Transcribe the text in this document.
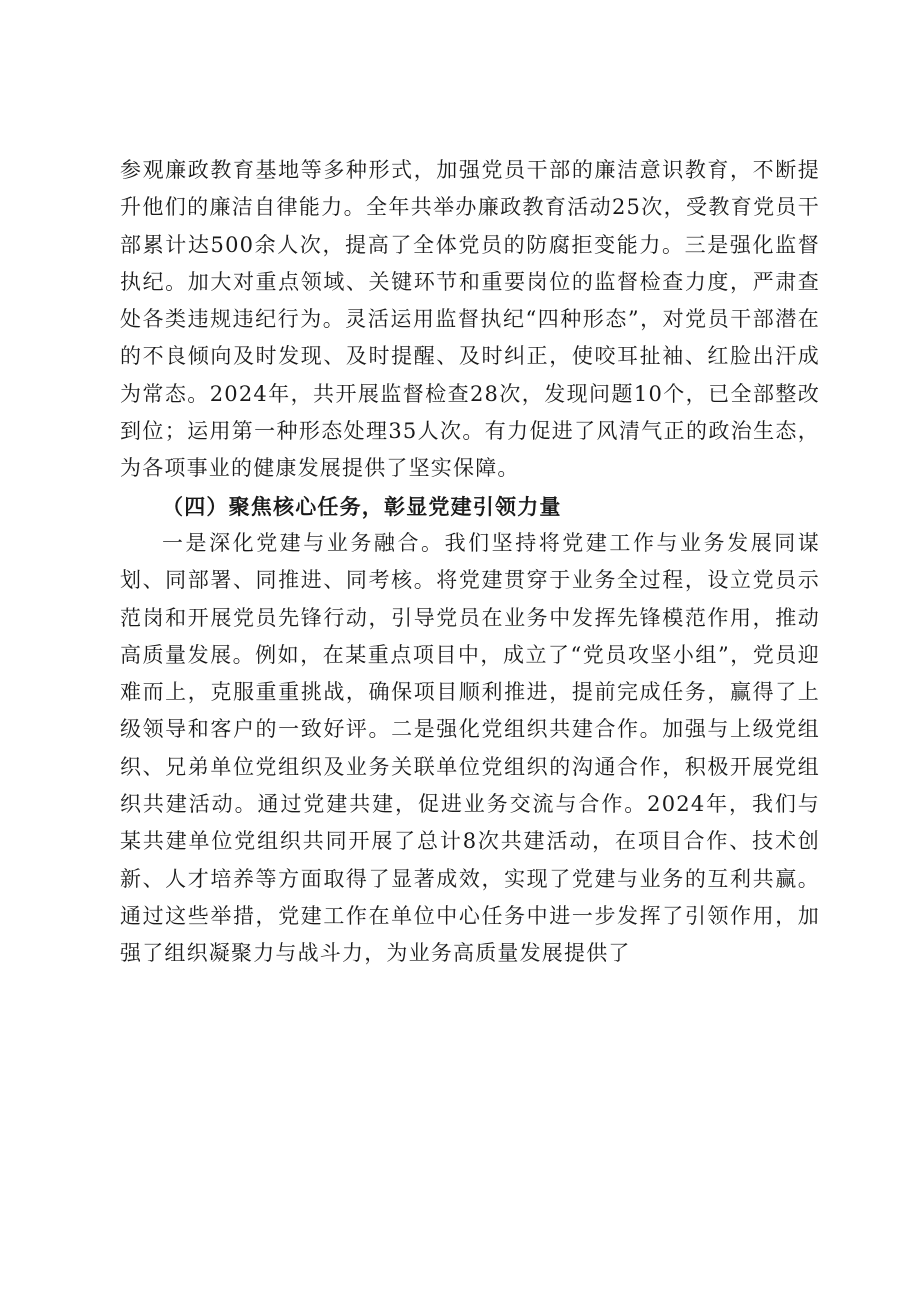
参观廉政教育基地等多种形式，加强党员干部的廉洁意识教育，不断提升他们的廉洁自律能力。全年共举办廉政教育活动25次，受教育党员干部累计达500余人次，提高了全体党员的防腐拒变能力。三是强化监督执纪。加大对重点领域、关键环节和重要岗位的监督检查力度，严肃查处各类违规违纪行为。灵活运用监督执纪“四种形态”，对党员干部潜在的不良倾向及时发现、及时提醒、及时纠正，使咬耳扯袖、红脸出汗成为常态。2024年，共开展监督检查28次，发现问题10个，已全部整改到位；运用第一种形态处理35人次。有力促进了风清气正的政治生态，为各项事业的健康发展提供了坚实保障。

（四）聚焦核心任务，彰显党建引领力量

一是深化党建与业务融合。我们坚持将党建工作与业务发展同谋划、同部署、同推进、同考核。将党建贯穿于业务全过程，设立党员示范岗和开展党员先锋行动，引导党员在业务中发挥先锋模范作用，推动高质量发展。例如，在某重点项目中，成立了“党员攻坚小组”，党员迎难而上，克服重重挑战，确保项目顺利推进，提前完成任务，赢得了上级领导和客户的一致好评。二是强化党组织共建合作。加强与上级党组织、兄弟单位党组织及业务关联单位党组织的沟通合作，积极开展党组织共建活动。通过党建共建，促进业务交流与合作。2024年，我们与某共建单位党组织共同开展了总计8次共建活动，在项目合作、技术创新、人才培养等方面取得了显著成效，实现了党建与业务的互利共赢。通过这些举措，党建工作在单位中心任务中进一步发挥了引领作用，加强了组织凝聚力与战斗力，为业务高质量发展提供了
